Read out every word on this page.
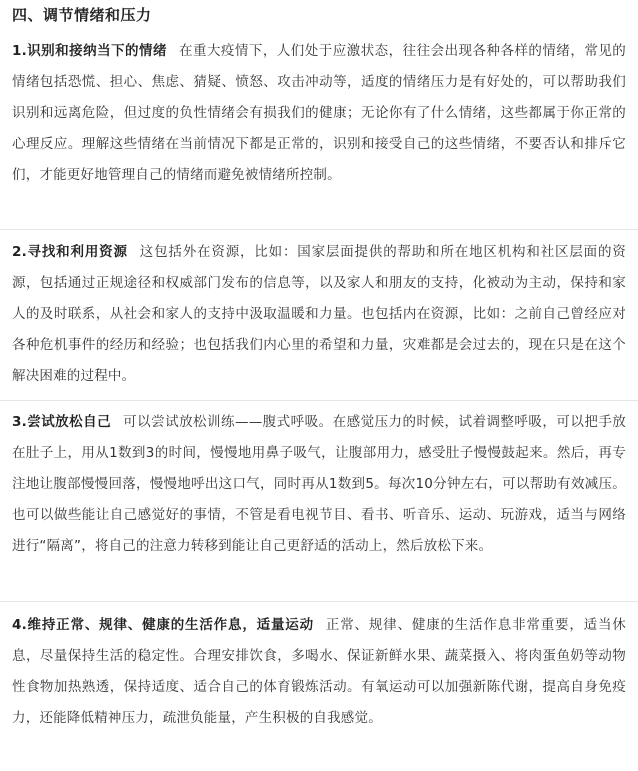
四、调节情绪和压力
1.识别和接纳当下的情绪 在重大疫情下，人们处于应激状态，往往会出现各种各样的情绪，常见的情绪包括恐慌、担心、焦虑、猜疑、愤怒、攻击冲动等，适度的情绪压力是有好处的，可以帮助我们识别和远离危险，但过度的负性情绪会有损我们的健康；无论你有了什么情绪，这些都属于你正常的心理反应。理解这些情绪在当前情况下都是正常的，识别和接受自己的这些情绪，不要否认和排斥它们，才能更好地管理自己的情绪而避免被情绪所控制。
2.寻找和利用资源 这包括外在资源，比如：国家层面提供的帮助和所在地区机构和社区层面的资源，包括通过正规途径和权威部门发布的信息等，以及家人和朋友的支持，化被动为主动，保持和家人的及时联系，从社会和家人的支持中汲取温暖和力量。也包括内在资源，比如：之前自己曾经应对各种危机事件的经历和经验；也包括我们内心里的希望和力量，灾难都是会过去的，现在只是在这个解决困难的过程中。
3.尝试放松自己 可以尝试放松训练——腹式呼吸。在感觉压力的时候，试着调整呼吸，可以把手放在肚子上，用从1数到3的时间，慢慢地用鼻子吸气，让腹部用力，感受肚子慢慢鼓起来。然后，再专注地让腹部慢慢回落，慢慢地呼出这口气，同时再从1数到5。每次10分钟左右，可以帮助有效减压。也可以做些能让自己感觉好的事情，不管是看电视节目、看书、听音乐、运动、玩游戏，适当与网络进行“隔离”，将自己的注意力转移到能让自己更舒适的活动上，然后放松下来。
4.维持正常、规律、健康的生活作息，适量运动 正常、规律、健康的生活作息非常重要，适当休息，尽量保持生活的稳定性。合理安排饮食，多喝水、保证新鲜水果、蔬菜摄入、将肉蛋鱼奶等动物性食物加热熟透，保持适度、适合自己的体育锻炼活动。有氧运动可以加强新陈代谢，提高自身免疫力，还能降低精神压力，疏泄负能量，产生积极的自我感觉。
